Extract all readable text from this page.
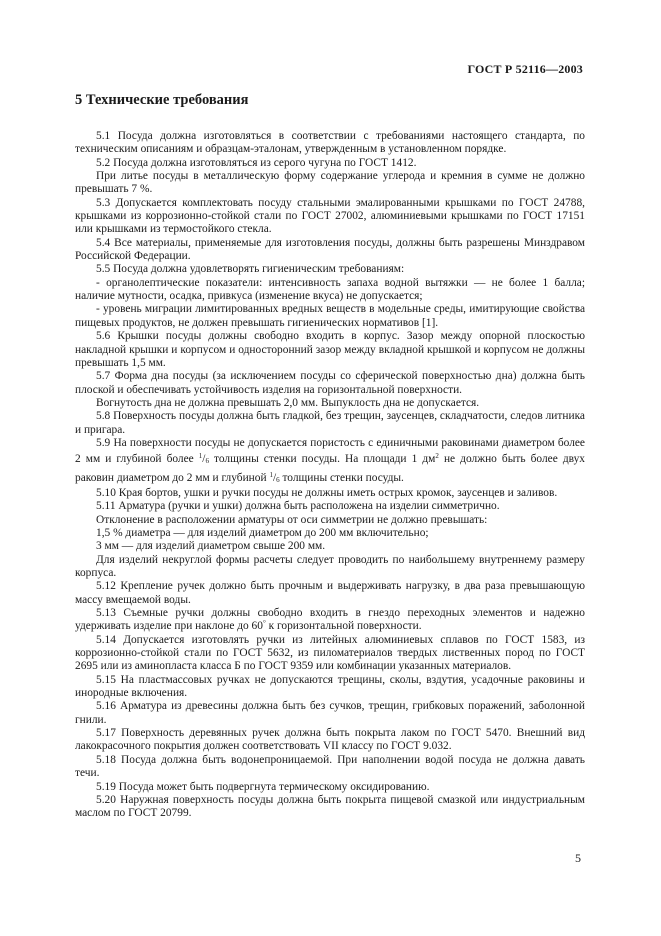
ГОСТ Р 52116—2003
5 Технические требования

5.1 Посуда должна изготовляться в соответствии с требованиями настоящего стандарта, по техническим описаниям и образцам-эталонам, утвержденным в установленном порядке.

5.2 Посуда должна изготовляться из серого чугуна по ГОСТ 1412.

При литье посуды в металлическую форму содержание углерода и кремния в сумме не должно превышать 7 %.

5.3 Допускается комплектовать посуду стальными эмалированными крышками по ГОСТ 24788, крышками из коррозионно-стойкой стали по ГОСТ 27002, алюминиевыми крышками по ГОСТ 17151 или крышками из термостойкого стекла.

5.4 Все материалы, применяемые для изготовления посуды, должны быть разрешены Минздравом Российской Федерации.

5.5 Посуда должна удовлетворять гигиеническим требованиям:

- органолептические показатели: интенсивность запаха водной вытяжки — не более 1 балла; наличие мутности, осадка, привкуса (изменение вкуса) не допускается;

- уровень миграции лимитированных вредных веществ в модельные среды, имитирующие свойства пищевых продуктов, не должен превышать гигиенических нормативов [1].

5.6 Крышки посуды должны свободно входить в корпус. Зазор между опорной плоскостью накладной крышки и корпусом и односторонний зазор между вкладной крышкой и корпусом не должны превышать 1,5 мм.

5.7 Форма дна посуды (за исключением посуды со сферической поверхностью дна) должна быть плоской и обеспечивать устойчивость изделия на горизонтальной поверхности.

Вогнутость дна не должна превышать 2,0 мм. Выпуклость дна не допускается.

5.8 Поверхность посуды должна быть гладкой, без трещин, заусенцев, складчатости, следов литника и пригара.

5.9 На поверхности посуды не допускается пористость с единичными раковинами диаметром более 2 мм и глубиной более $^1$/6 толщины стенки посуды. На площади 1 $дм^2$ не должно быть более двух раковин диаметром до 2 мм и глубиной $^1$/6 толщины стенки посуды.

5.10 Края бортов, ушки и ручки посуды не должны иметь острых кромок, заусенцев и заливов.

5.11 Арматура (ручки и ушки) должна быть расположена на изделии симметрично.

Отклонение в расположении арматуры от оси симметрии не должно превышать:

1,5 % диаметра — для изделий диаметром до 200 мм включительно;

3 мм — для изделий диаметром свыше 200 мм.

Для изделий некруглой формы расчеты следует проводить по наибольшему внутреннему размеру корпуса.

5.12 Крепление ручек должно быть прочным и выдерживать нагрузку, в два раза превышающую массу вмещаемой воды.

5.13 Съемные ручки должны свободно входить в гнездо переходных элементов и надежно удерживать изделие при наклоне до 60° к горизонтальной поверхности.

5.14 Допускается изготовлять ручки из литейных алюминиевых сплавов по ГОСТ 1583, из коррозионно-стойкой стали по ГОСТ 5632, из пиломатериалов твердых лиственных пород по ГОСТ 2695 или из аминопласта класса Б по ГОСТ 9359 или комбинации указанных материалов.

5.15 На пластмассовых ручках не допускаются трещины, сколы, вздутия, усадочные раковины и инородные включения.

5.16 Арматура из древесины должна быть без сучков, трещин, грибковых поражений, заболонной гнили.

5.17 Поверхность деревянных ручек должна быть покрыта лаком по ГОСТ 5470. Внешний вид лакокрасочного покрытия должен соответствовать VII классу по ГОСТ 9.032.

5.18 Посуда должна быть водонепроницаемой. При наполнении водой посуда не должна давать течи.

5.19 Посуда может быть подвергнута термическому оксидированию.

5.20 Наружная поверхность посуды должна быть покрыта пищевой смазкой или индустриальным маслом по ГОСТ 20799.

5
